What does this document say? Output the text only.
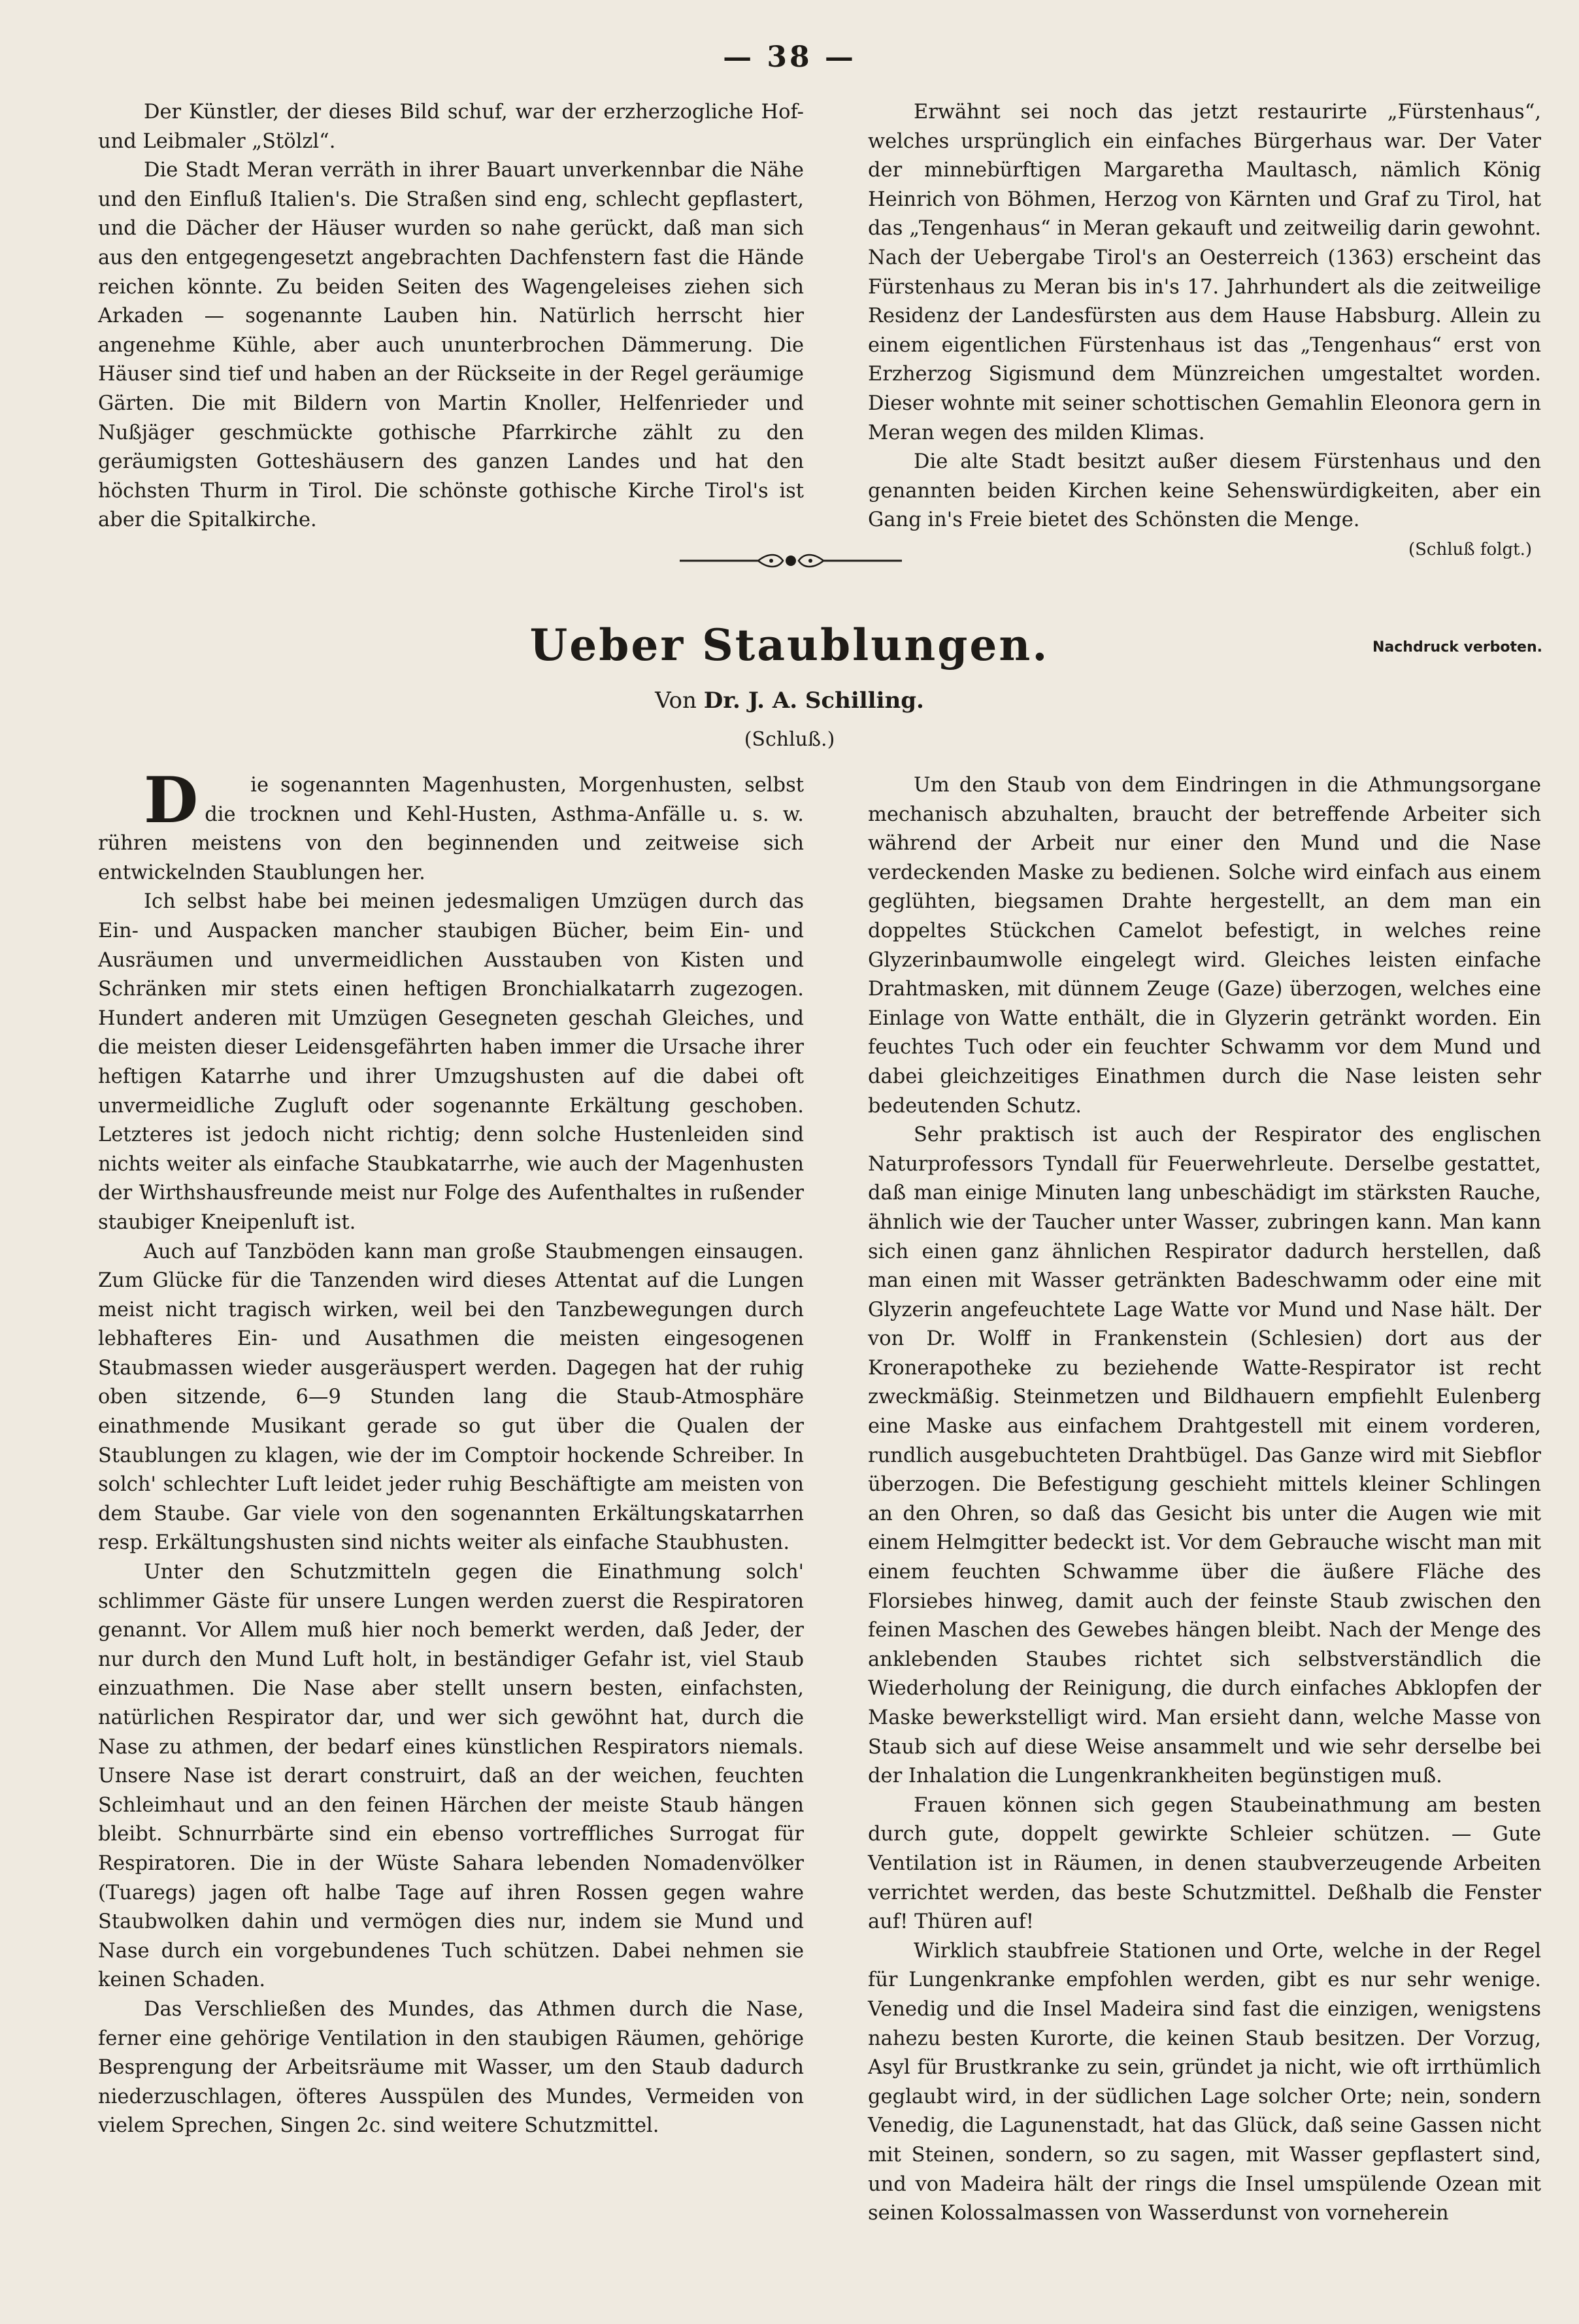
— 38 —

Der Künstler, der dieses Bild schuf, war der erzherzogliche Hof- und Leibmaler „Stölzl“.

Die Stadt Meran verräth in ihrer Bauart unverkennbar die Nähe und den Einfluß Italien's. Die Straßen sind eng, schlecht gepflastert, und die Dächer der Häuser wurden so nahe gerückt, daß man sich aus den entgegengesetzt angebrachten Dachfenstern fast die Hände reichen könnte. Zu beiden Seiten des Wagengeleises ziehen sich Arkaden — sogenannte Lauben hin. Natürlich herrscht hier angenehme Kühle, aber auch ununterbrochen Dämmerung. Die Häuser sind tief und haben an der Rückseite in der Regel geräumige Gärten. Die mit Bildern von Martin Knoller, Helfenrieder und Nußjäger geschmückte gothische Pfarrkirche zählt zu den geräumigsten Gotteshäusern des ganzen Landes und hat den höchsten Thurm in Tirol. Die schönste gothische Kirche Tirol's ist aber die Spitalkirche.

Erwähnt sei noch das jetzt restaurirte „Fürstenhaus“, welches ursprünglich ein einfaches Bürgerhaus war. Der Vater der minnebürftigen Margaretha Maultasch, nämlich König Heinrich von Böhmen, Herzog von Kärnten und Graf zu Tirol, hat das „Tengenhaus“ in Meran gekauft und zeitweilig darin gewohnt. Nach der Uebergabe Tirol's an Oesterreich (1363) erscheint das Fürstenhaus zu Meran bis in's 17. Jahrhundert als die zeitweilige Residenz der Landesfürsten aus dem Hause Habsburg. Allein zu einem eigentlichen Fürstenhaus ist das „Tengenhaus“ erst von Erzherzog Sigismund dem Münzreichen umgestaltet worden. Dieser wohnte mit seiner schottischen Gemahlin Eleonora gern in Meran wegen des milden Klimas.

Die alte Stadt besitzt außer diesem Fürstenhaus und den genannten beiden Kirchen keine Sehenswürdigkeiten, aber ein Gang in's Freie bietet des Schönsten die Menge.

(Schluß folgt.)

Ueber Staublungen.	Nachdruck verboten.
Von Dr. J. A. Schilling.
(Schluß.)

Die sogenannten Magenhusten, Morgenhusten, selbst die trocknen und Kehl-Husten, Asthma-Anfälle u. s. w. rühren meistens von den beginnenden und zeitweise sich entwickelnden Staublungen her.

Ich selbst habe bei meinen jedesmaligen Umzügen durch das Ein- und Auspacken mancher staubigen Bücher, beim Ein- und Ausräumen und unvermeidlichen Ausstauben von Kisten und Schränken mir stets einen heftigen Bronchialkatarrh zugezogen. Hundert anderen mit Umzügen Gesegneten geschah Gleiches, und die meisten dieser Leidensgefährten haben immer die Ursache ihrer heftigen Katarrhe und ihrer Umzugshusten auf die dabei oft unvermeidliche Zugluft oder sogenannte Erkältung geschoben. Letzteres ist jedoch nicht richtig; denn solche Hustenleiden sind nichts weiter als einfache Staubkatarrhe, wie auch der Magenhusten der Wirthshausfreunde meist nur Folge des Aufenthaltes in rußender staubiger Kneipenluft ist.

Auch auf Tanzböden kann man große Staubmengen einsaugen. Zum Glücke für die Tanzenden wird dieses Attentat auf die Lungen meist nicht tragisch wirken, weil bei den Tanzbewegungen durch lebhafteres Ein- und Ausathmen die meisten eingesogenen Staubmassen wieder ausgeräuspert werden. Dagegen hat der ruhig oben sitzende, 6—9 Stunden lang die Staub-Atmosphäre einathmende Musikant gerade so gut über die Qualen der Staublungen zu klagen, wie der im Comptoir hockende Schreiber. In solch' schlechter Luft leidet jeder ruhig Beschäftigte am meisten von dem Staube. Gar viele von den sogenannten Erkältungskatarrhen resp. Erkältungshusten sind nichts weiter als einfache Staubhusten.

Unter den Schutzmitteln gegen die Einathmung solch' schlimmer Gäste für unsere Lungen werden zuerst die Respiratoren genannt. Vor Allem muß hier noch bemerkt werden, daß Jeder, der nur durch den Mund Luft holt, in beständiger Gefahr ist, viel Staub einzuathmen. Die Nase aber stellt unsern besten, einfachsten, natürlichen Respirator dar, und wer sich gewöhnt hat, durch die Nase zu athmen, der bedarf eines künstlichen Respirators niemals. Unsere Nase ist derart construirt, daß an der weichen, feuchten Schleimhaut und an den feinen Härchen der meiste Staub hängen bleibt. Schnurrbärte sind ein ebenso vortreffliches Surrogat für Respiratoren. Die in der Wüste Sahara lebenden Nomadenvölker (Tuaregs) jagen oft halbe Tage auf ihren Rossen gegen wahre Staubwolken dahin und vermögen dies nur, indem sie Mund und Nase durch ein vorgebundenes Tuch schützen. Dabei nehmen sie keinen Schaden.

Das Verschließen des Mundes, das Athmen durch die Nase, ferner eine gehörige Ventilation in den staubigen Räumen, gehörige Besprengung der Arbeitsräume mit Wasser, um den Staub dadurch niederzuschlagen, öfteres Ausspülen des Mundes, Vermeiden von vielem Sprechen, Singen 2c. sind weitere Schutzmittel.

Um den Staub von dem Eindringen in die Athmungsorgane mechanisch abzuhalten, braucht der betreffende Arbeiter sich während der Arbeit nur einer den Mund und die Nase verdeckenden Maske zu bedienen. Solche wird einfach aus einem geglühten, biegsamen Drahte hergestellt, an dem man ein doppeltes Stückchen Camelot befestigt, in welches reine Glyzerinbaumwolle eingelegt wird. Gleiches leisten einfache Drahtmasken, mit dünnem Zeuge (Gaze) überzogen, welches eine Einlage von Watte enthält, die in Glyzerin getränkt worden. Ein feuchtes Tuch oder ein feuchter Schwamm vor dem Mund und dabei gleichzeitiges Einathmen durch die Nase leisten sehr bedeutenden Schutz.

Sehr praktisch ist auch der Respirator des englischen Naturprofessors Tyndall für Feuerwehrleute. Derselbe gestattet, daß man einige Minuten lang unbeschädigt im stärksten Rauche, ähnlich wie der Taucher unter Wasser, zubringen kann. Man kann sich einen ganz ähnlichen Respirator dadurch herstellen, daß man einen mit Wasser getränkten Badeschwamm oder eine mit Glyzerin angefeuchtete Lage Watte vor Mund und Nase hält. Der von Dr. Wolff in Frankenstein (Schlesien) dort aus der Kronerapotheke zu beziehende Watte-Respirator ist recht zweckmäßig. Steinmetzen und Bildhauern empfiehlt Eulenberg eine Maske aus einfachem Drahtgestell mit einem vorderen, rundlich ausgebuchteten Drahtbügel. Das Ganze wird mit Siebflor überzogen. Die Befestigung geschieht mittels kleiner Schlingen an den Ohren, so daß das Gesicht bis unter die Augen wie mit einem Helmgitter bedeckt ist. Vor dem Gebrauche wischt man mit einem feuchten Schwamme über die äußere Fläche des Florsiebes hinweg, damit auch der feinste Staub zwischen den feinen Maschen des Gewebes hängen bleibt. Nach der Menge des anklebenden Staubes richtet sich selbstverständlich die Wiederholung der Reinigung, die durch einfaches Abklopfen der Maske bewerkstelligt wird. Man ersieht dann, welche Masse von Staub sich auf diese Weise ansammelt und wie sehr derselbe bei der Inhalation die Lungenkrankheiten begünstigen muß.

Frauen können sich gegen Staubeinathmung am besten durch gute, doppelt gewirkte Schleier schützen. — Gute Ventilation ist in Räumen, in denen staubverzeugende Arbeiten verrichtet werden, das beste Schutzmittel. Deßhalb die Fenster auf! Thüren auf!

Wirklich staubfreie Stationen und Orte, welche in der Regel für Lungenkranke empfohlen werden, gibt es nur sehr wenige. Venedig und die Insel Madeira sind fast die einzigen, wenigstens nahezu besten Kurorte, die keinen Staub besitzen. Der Vorzug, Asyl für Brustkranke zu sein, gründet ja nicht, wie oft irrthümlich geglaubt wird, in der südlichen Lage solcher Orte; nein, sondern Venedig, die Lagunenstadt, hat das Glück, daß seine Gassen nicht mit Steinen, sondern, so zu sagen, mit Wasser gepflastert sind, und von Madeira hält der rings die Insel umspülende Ozean mit seinen Kolossalmassen von Wasserdunst von vorneherein
